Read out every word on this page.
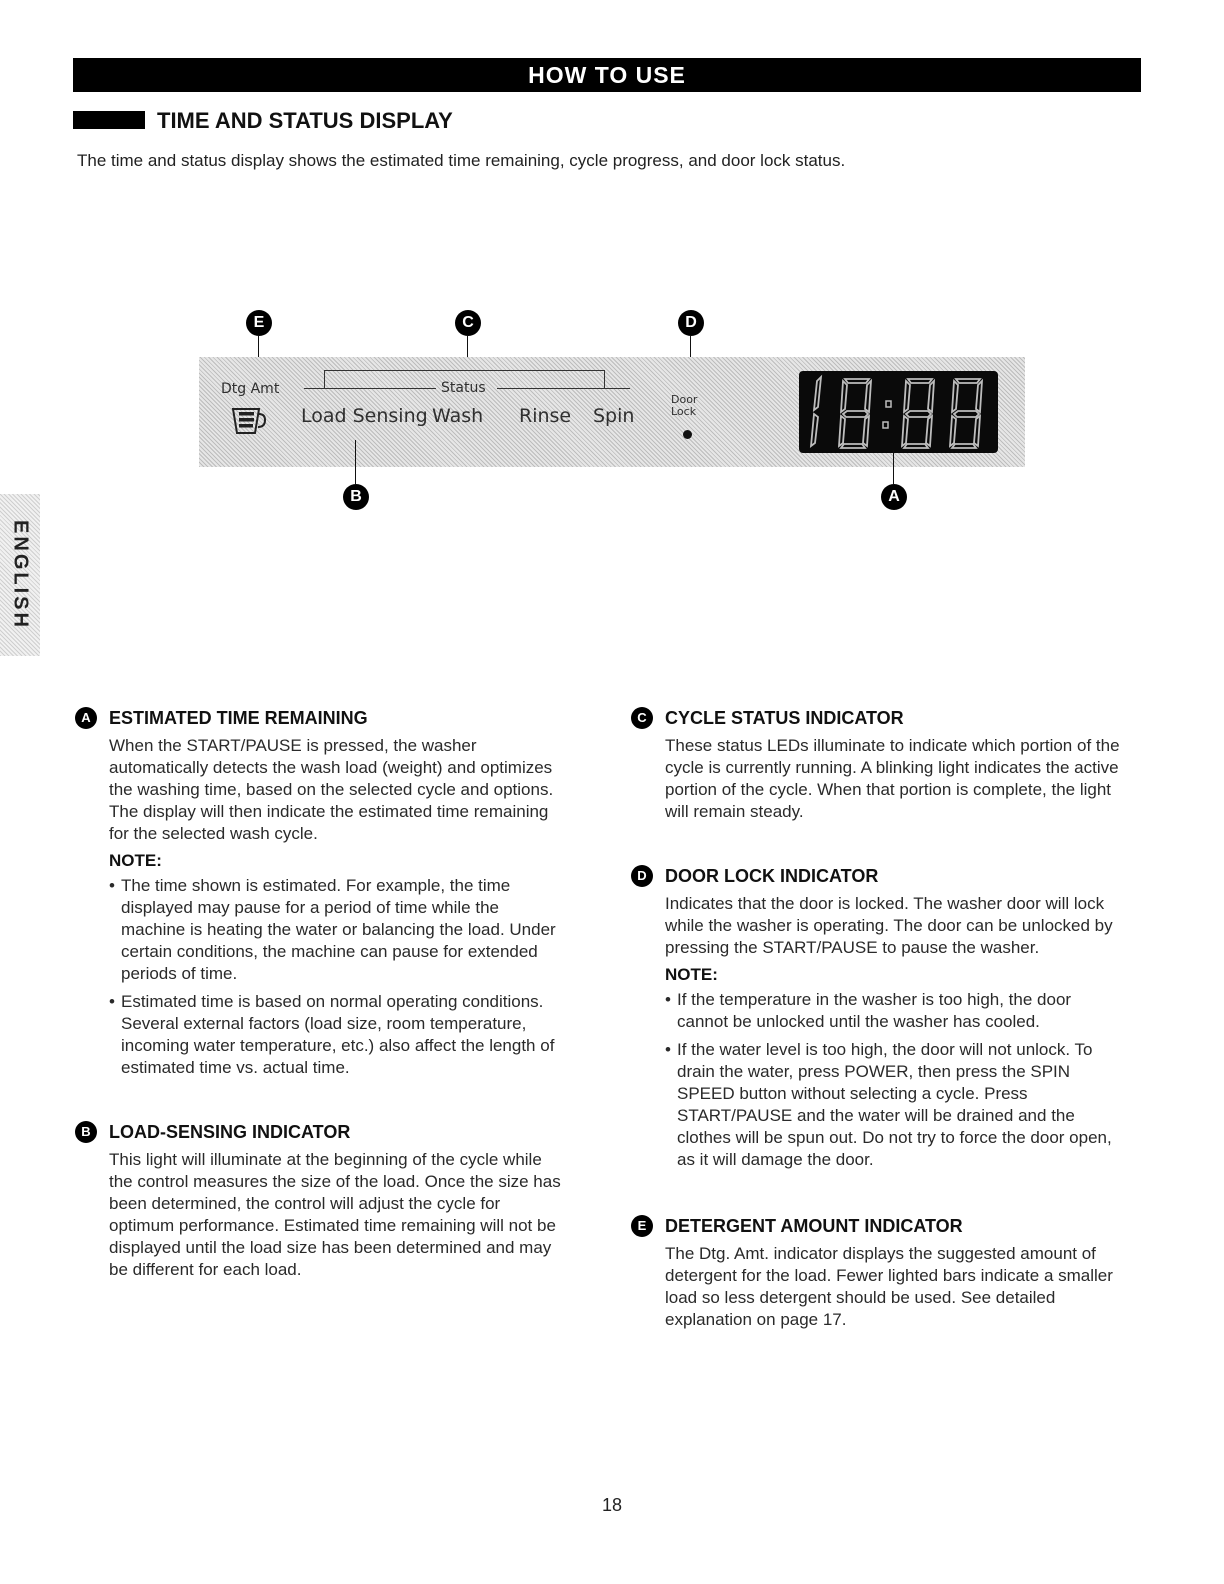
HOW TO USE
TIME AND STATUS DISPLAY
The time and status display shows the estimated time remaining, cycle progress, and door lock status.
ENGLISH
E	C	D
Dtg Amt	Status
Load Sensing Wash Rinse Spin
Door
Lock
B	A
A	ESTIMATED TIME REMAINING
When the START/PAUSE is pressed, the washer automatically detects the wash load (weight) and optimizes the washing time, based on the selected cycle and options. The display will then indicate the estimated time remaining for the selected wash cycle.
NOTE:
• The time shown is estimated. For example, the time displayed may pause for a period of time while the machine is heating the water or balancing the load. Under certain conditions, the machine can pause for extended periods of time.
• Estimated time is based on normal operating conditions. Several external factors (load size, room temperature, incoming water temperature, etc.) also affect the length of estimated time vs. actual time.
B	LOAD-SENSING INDICATOR
This light will illuminate at the beginning of the cycle while the control measures the size of the load. Once the size has been determined, the control will adjust the cycle for optimum performance. Estimated time remaining will not be displayed until the load size has been determined and may be different for each load.
C	CYCLE STATUS INDICATOR
These status LEDs illuminate to indicate which portion of the cycle is currently running. A blinking light indicates the active portion of the cycle. When that portion is complete, the light will remain steady.
D	DOOR LOCK INDICATOR
Indicates that the door is locked. The washer door will lock while the washer is operating. The door can be unlocked by pressing the START/PAUSE to pause the washer.
NOTE:
• If the temperature in the washer is too high, the door cannot be unlocked until the washer has cooled.
• If the water level is too high, the door will not unlock. To drain the water, press POWER, then press the SPIN SPEED button without selecting a cycle. Press START/PAUSE and the water will be drained and the clothes will be spun out. Do not try to force the door open, as it will damage the door.
E	DETERGENT AMOUNT INDICATOR
The Dtg. Amt. indicator displays the suggested amount of detergent for the load. Fewer lighted bars indicate a smaller load so less detergent should be used. See detailed explanation on page 17.
18
